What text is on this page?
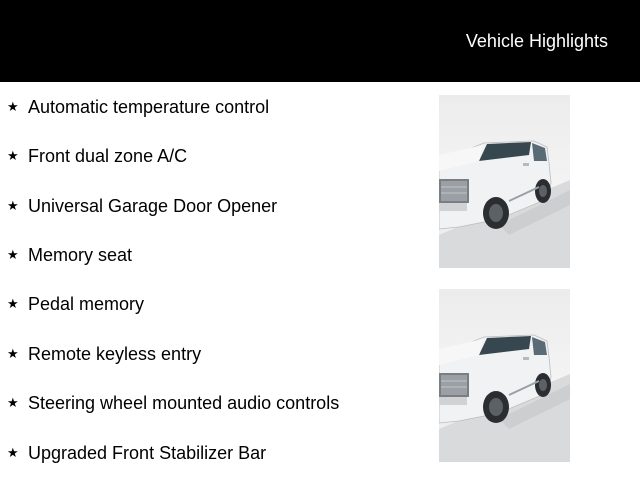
Vehicle Highlights
★ Automatic temperature control
★ Front dual zone A/C
★ Universal Garage Door Opener
★ Memory seat
★ Pedal memory
★ Remote keyless entry
★ Steering wheel mounted audio controls
★ Upgraded Front Stabilizer Bar
